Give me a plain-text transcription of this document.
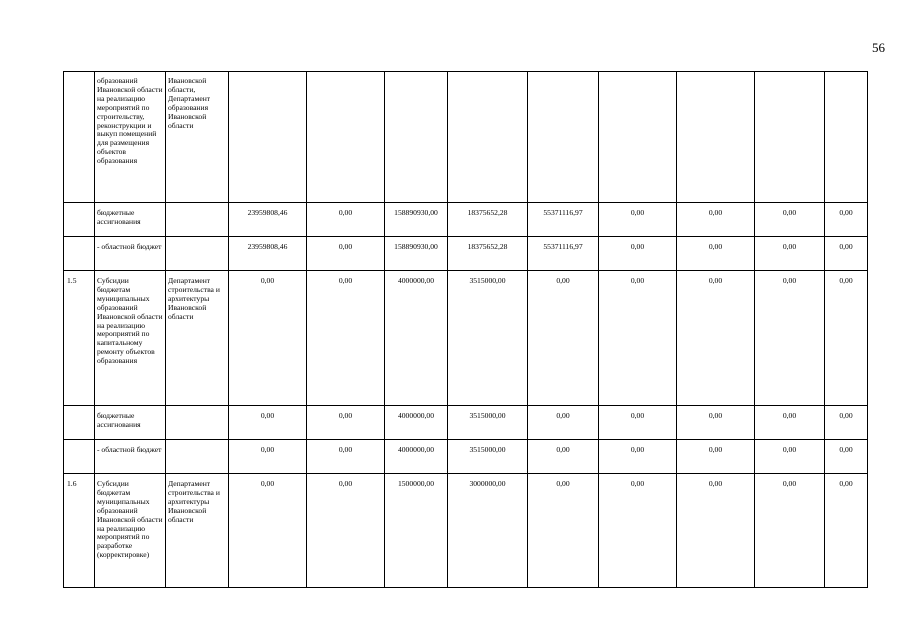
56
	образований Ивановской области на реализацию мероприятий по строительству, реконструкции и выкуп помещений для размещения объектов образования	Ивановской области, Департамент образования Ивановской области									
	бюджетные ассигнования		23959808,46	0,00	158890930,00	18375652,28	55371116,97	0,00	0,00	0,00	0,00
	- областной бюджет		23959808,46	0,00	158890930,00	18375652,28	55371116,97	0,00	0,00	0,00	0,00
1.5	Субсидии бюджетам муниципальных образований Ивановской области на реализацию мероприятий по капитальному ремонту объектов образования	Департамент строительства и архитектуры Ивановской области	0,00	0,00	4000000,00	3515000,00	0,00	0,00	0,00	0,00	0,00
	бюджетные ассигнования		0,00	0,00	4000000,00	3515000,00	0,00	0,00	0,00	0,00	0,00
	- областной бюджет		0,00	0,00	4000000,00	3515000,00	0,00	0,00	0,00	0,00	0,00
1.6	Субсидии бюджетам муниципальных образований Ивановской области на реализацию мероприятий по разработке (корректировке)	Департамент строительства и архитектуры Ивановской области	0,00	0,00	1500000,00	3000000,00	0,00	0,00	0,00	0,00	0,00
